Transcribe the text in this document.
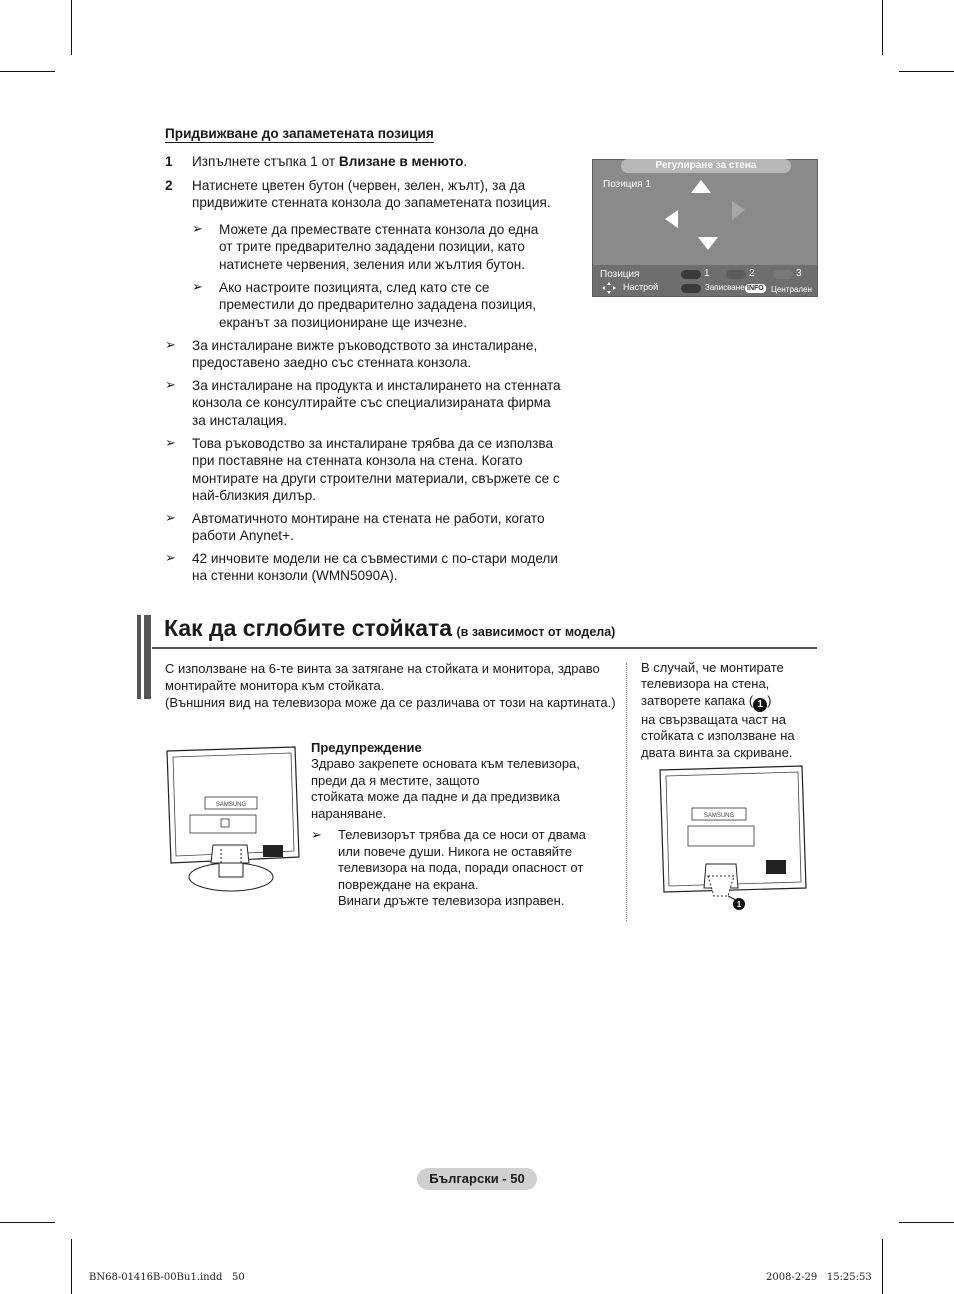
Придвижване до запаметената позиция
1 Изпълнете стъпка 1 от Влизане в менюто.
2 Натиснете цветен бутон (червен, зелен, жълт), за да
придвижите стенната конзола до запаметената позиция.
➢ Можете да премествате стенната конзола до една
от трите предварително зададени позиции, като
натиснете червения, зеления или жълтия бутон.
➢ Ако настроите позицията, след като сте се
преместили до предварително зададена позиция,
екранът за позициониране ще изчезне.
➢ За инсталиране вижте ръководството за инсталиране,
предоставено заедно със стенната конзола.
➢ За инсталиране на продукта и инсталирането на стенната
конзола се консултирайте със специализираната фирма
за инсталация.
➢ Това ръководство за инсталиране трябва да се използва
при поставяне на стенната конзола на стена. Когато
монтирате на други строителни материали, свържете се с
най-близкия дилър.
➢ Автоматичното монтиране на стената не работи, когато
работи Anynet+.
➢ 42 инчовите модели не са съвместими с по-стари модели
на стенни конзоли (WMN5090A).
Регулиране за стена
Позиция 1
Позиция
Настрой
1	2	3
Записване INFO Централен
Как да сглобите стойката (в зависимост от модела)
С използване на 6-те винта за затягане на стойката и монитора, здраво
монтирайте монитора към стойката.
(Външния вид на телевизора може да се различава от този на картината.)
SAMSUNG
Предупреждение
Здраво закрепете основата към телевизора,
преди да я местите, защото
стойката може да падне и да предизвика
нараняване.
➢ Телевизорът трябва да се носи от двама
или повече души. Никога не оставяйте
телевизора на пода, поради опасност от
повреждане на екрана.
Винаги дръжте телевизора изправен.
В случай, че монтирате
телевизора на стена,
затворете капака ( 1 )
на свързващата част на
стойката с използване на
двата винта за скриване.
SAMSUNG
1
Български - 50
BN68-01416B-00Bu1.indd   50	2008-2-29   15:25:53
